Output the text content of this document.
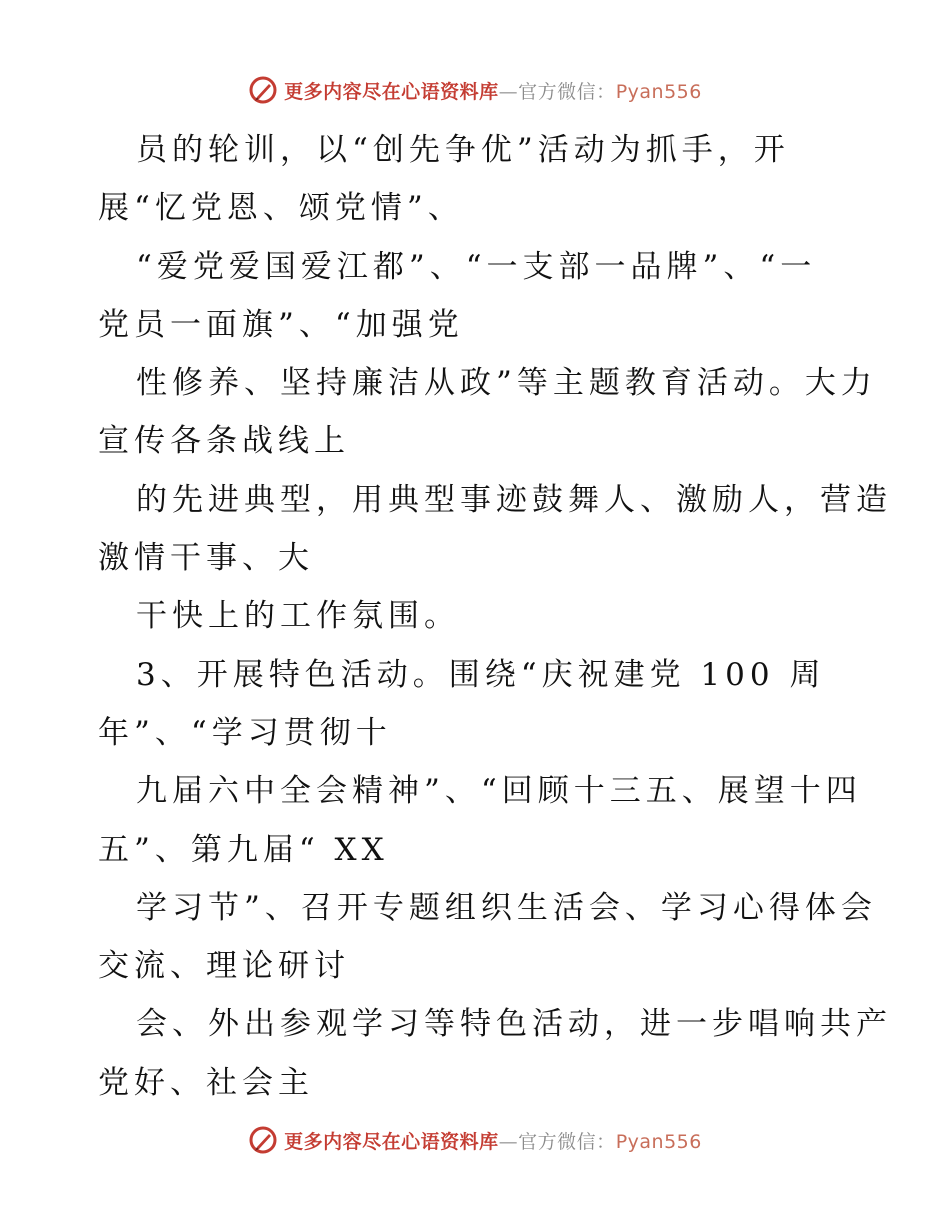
更多内容尽在心语资料库—官方微信：Pyan556
员的轮训，以“创先争优”活动为抓手，开
展“忆党恩、颂党情”、
“爱党爱国爱江都”、“一支部一品牌”、“一
党员一面旗”、“加强党
性修养、坚持廉洁从政”等主题教育活动。大力
宣传各条战线上
的先进典型，用典型事迹鼓舞人、激励人，营造
激情干事、大
干快上的工作氛围。
3、开展特色活动。围绕“庆祝建党 100 周
年”、“学习贯彻十
九届六中全会精神”、“回顾十三五、展望十四
五”、第九届“ XX
学习节”、召开专题组织生活会、学习心得体会
交流、理论研讨
会、外出参观学习等特色活动，进一步唱响共产
党好、社会主
更多内容尽在心语资料库—官方微信：Pyan556
